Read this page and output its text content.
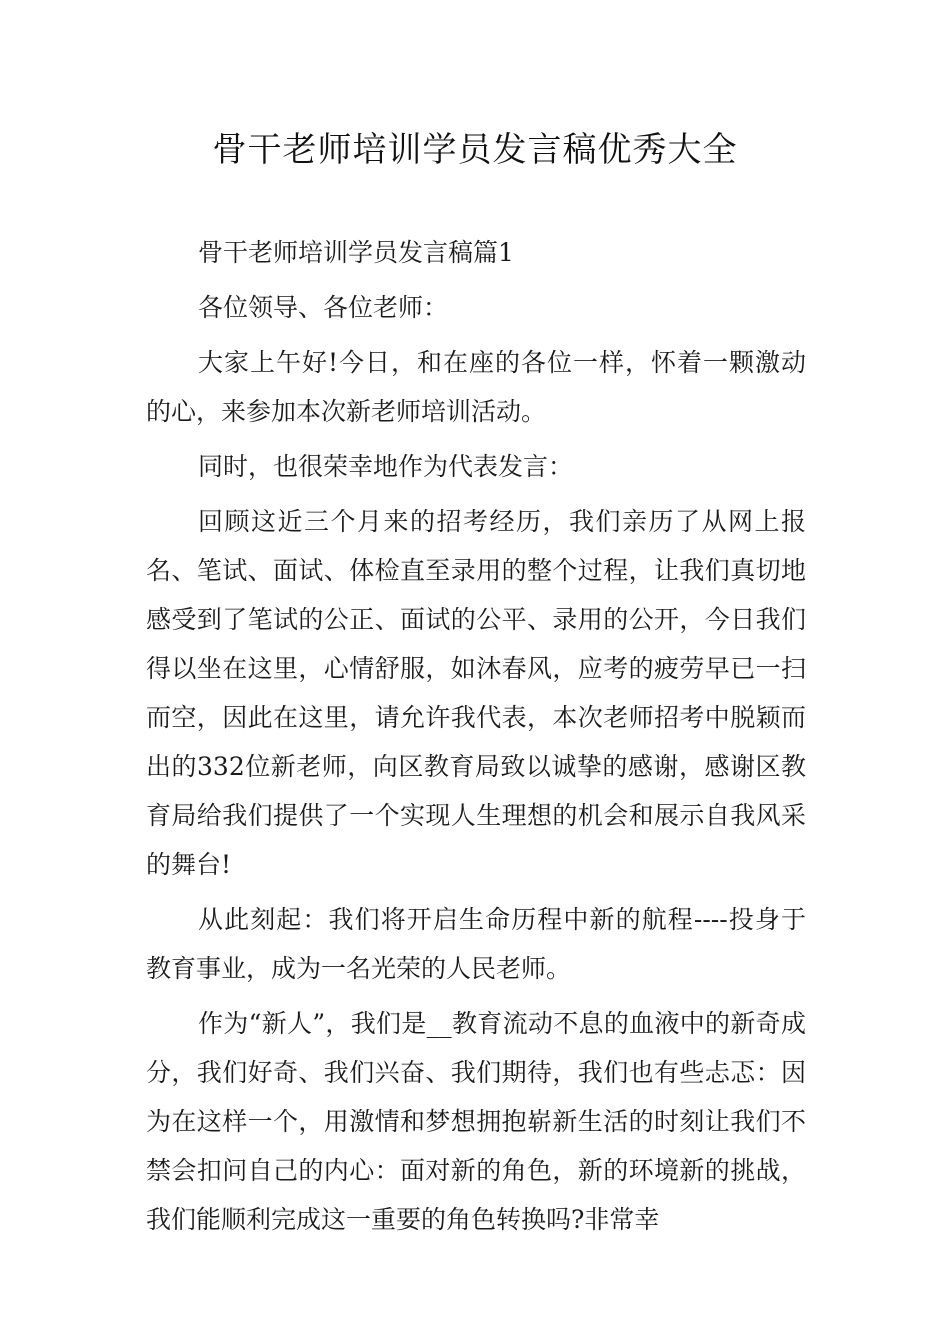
骨干老师培训学员发言稿优秀大全

骨干老师培训学员发言稿篇1

各位领导、各位老师：

大家上午好!今日，和在座的各位一样，怀着一颗激动的心，来参加本次新老师培训活动。

同时，也很荣幸地作为代表发言：

回顾这近三个月来的招考经历，我们亲历了从网上报名、笔试、面试、体检直至录用的整个过程，让我们真切地感受到了笔试的公正、面试的公平、录用的公开，今日我们得以坐在这里，心情舒服，如沐春风，应考的疲劳早已一扫而空，因此在这里，请允许我代表，本次老师招考中脱颖而出的332位新老师，向区教育局致以诚挚的感谢，感谢区教育局给我们提供了一个实现人生理想的机会和展示自我风采的舞台!

从此刻起：我们将开启生命历程中新的航程----投身于教育事业，成为一名光荣的人民老师。

作为“新人”，我们是__教育流动不息的血液中的新奇成分，我们好奇、我们兴奋、我们期待，我们也有些忐忑：因为在这样一个，用激情和梦想拥抱崭新生活的时刻让我们不禁会扣问自己的内心：面对新的角色，新的环境新的挑战，我们能顺利完成这一重要的角色转换吗?非常幸
